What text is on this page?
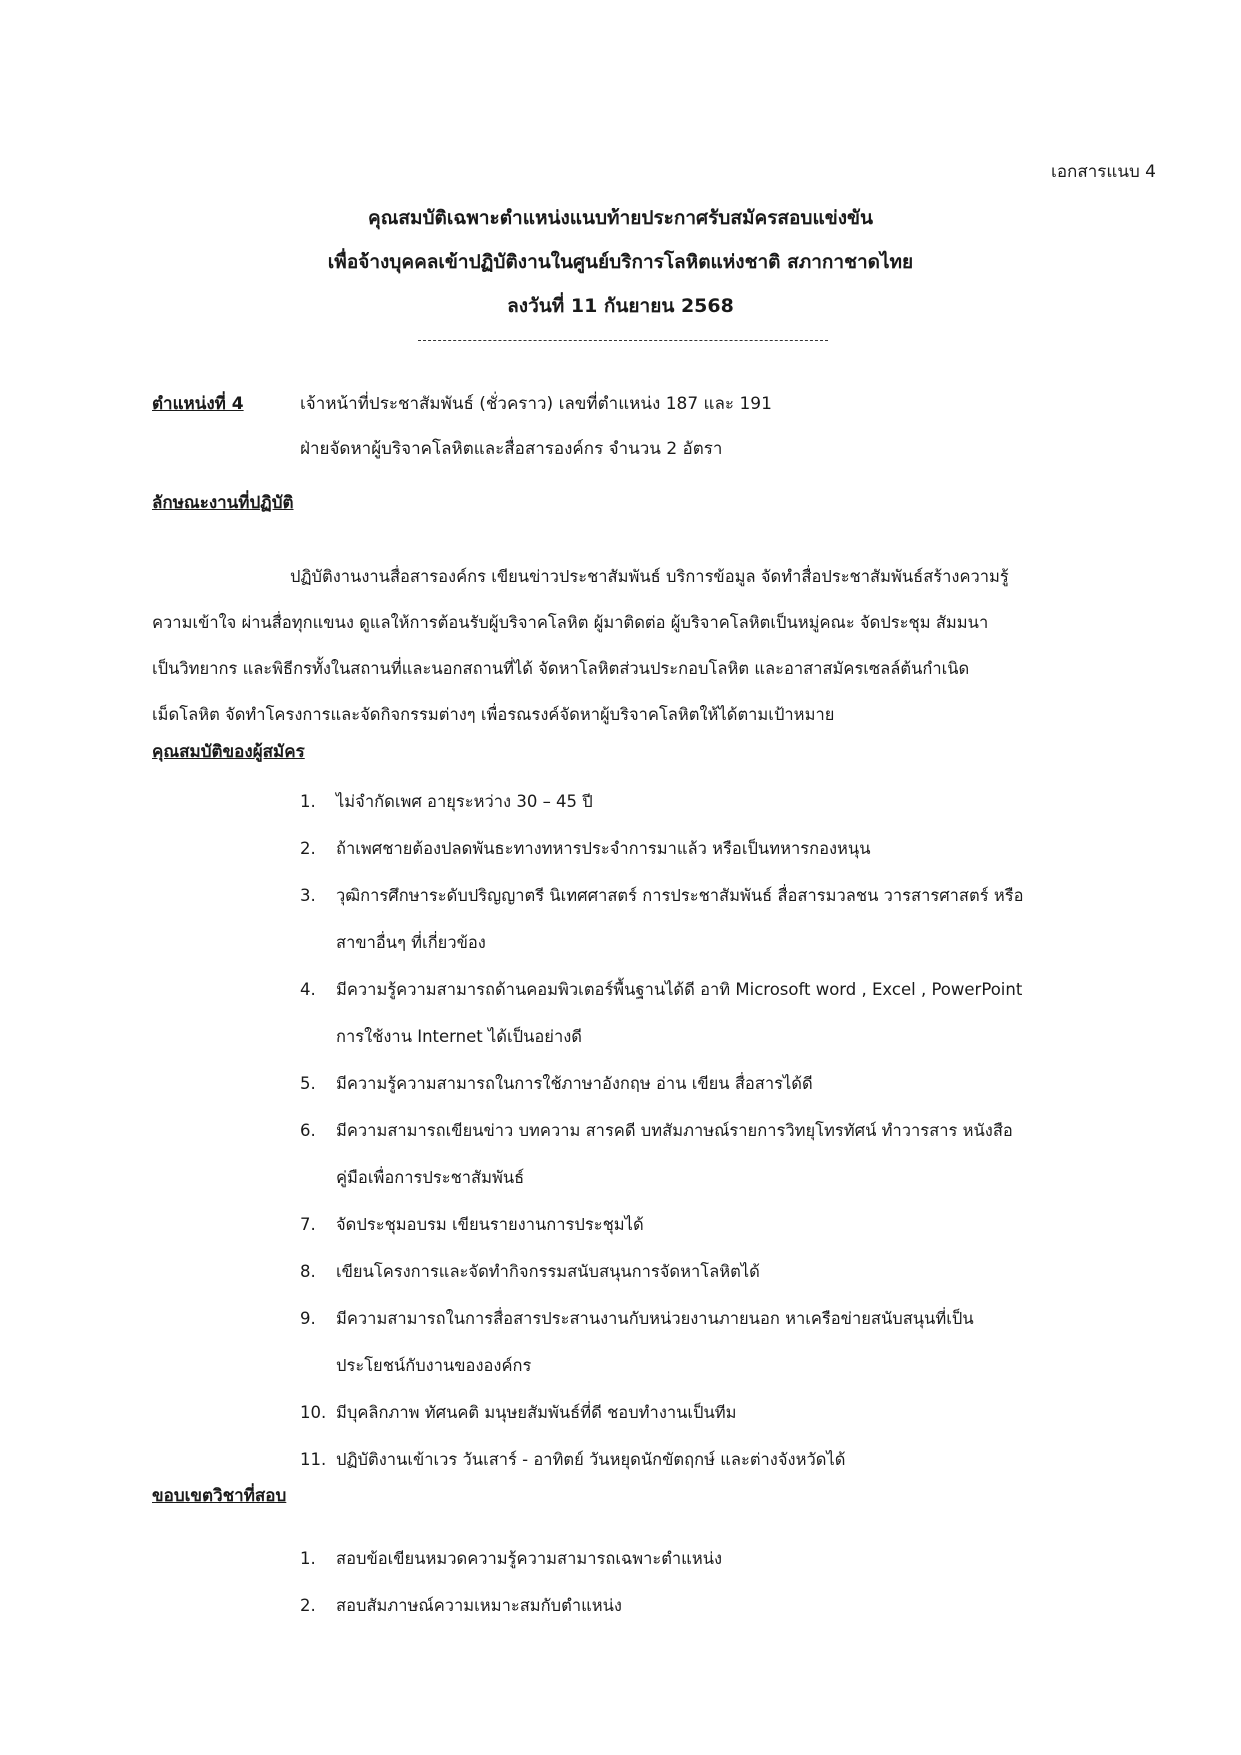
เอกสารแนบ 4
คุณสมบัติเฉพาะตำแหน่งแนบท้ายประกาศรับสมัครสอบแข่งขัน
เพื่อจ้างบุคคลเข้าปฏิบัติงานในศูนย์บริการโลหิตแห่งชาติ สภากาชาดไทย
ลงวันที่ 11 กันยายน 2568
ตำแหน่งที่ 4	เจ้าหน้าที่ประชาสัมพันธ์ (ชั่วคราว) เลขที่ตำแหน่ง 187 และ 191
ฝ่ายจัดหาผู้บริจาคโลหิตและสื่อสารองค์กร จำนวน 2 อัตรา
ลักษณะงานที่ปฏิบัติ
ปฏิบัติงานงานสื่อสารองค์กร เขียนข่าวประชาสัมพันธ์ บริการข้อมูล จัดทำสื่อประชาสัมพันธ์สร้างความรู้
ความเข้าใจ ผ่านสื่อทุกแขนง ดูแลให้การต้อนรับผู้บริจาคโลหิต ผู้มาติดต่อ ผู้บริจาคโลหิตเป็นหมู่คณะ จัดประชุม สัมมนา
เป็นวิทยากร และพิธีกรทั้งในสถานที่และนอกสถานที่ได้ จัดหาโลหิตส่วนประกอบโลหิต และอาสาสมัครเซลล์ต้นกำเนิด
เม็ดโลหิต จัดทำโครงการและจัดกิจกรรมต่างๆ เพื่อรณรงค์จัดหาผู้บริจาคโลหิตให้ได้ตามเป้าหมาย
คุณสมบัติของผู้สมัคร
1. ไม่จำกัดเพศ อายุระหว่าง 30 – 45 ปี
2. ถ้าเพศชายต้องปลดพันธะทางทหารประจำการมาแล้ว หรือเป็นทหารกองหนุน
3. วุฒิการศึกษาระดับปริญญาตรี นิเทศศาสตร์ การประชาสัมพันธ์ สื่อสารมวลชน วารสารศาสตร์ หรือ
สาขาอื่นๆ ที่เกี่ยวข้อง
4. มีความรู้ความสามารถด้านคอมพิวเตอร์พื้นฐานได้ดี อาทิ Microsoft word , Excel , PowerPoint
การใช้งาน Internet ได้เป็นอย่างดี
5. มีความรู้ความสามารถในการใช้ภาษาอังกฤษ อ่าน เขียน สื่อสารได้ดี
6. มีความสามารถเขียนข่าว บทความ สารคดี บทสัมภาษณ์รายการวิทยุโทรทัศน์ ทำวารสาร หนังสือ
คู่มือเพื่อการประชาสัมพันธ์
7. จัดประชุมอบรม เขียนรายงานการประชุมได้
8. เขียนโครงการและจัดทำกิจกรรมสนับสนุนการจัดหาโลหิตได้
9. มีความสามารถในการสื่อสารประสานงานกับหน่วยงานภายนอก หาเครือข่ายสนับสนุนที่เป็น
ประโยชน์กับงานขององค์กร
10. มีบุคลิกภาพ ทัศนคติ มนุษยสัมพันธ์ที่ดี ชอบทำงานเป็นทีม
11. ปฏิบัติงานเข้าเวร วันเสาร์ - อาทิตย์ วันหยุดนักขัตฤกษ์ และต่างจังหวัดได้
ขอบเขตวิชาที่สอบ
1. สอบข้อเขียนหมวดความรู้ความสามารถเฉพาะตำแหน่ง
2. สอบสัมภาษณ์ความเหมาะสมกับตำแหน่ง
